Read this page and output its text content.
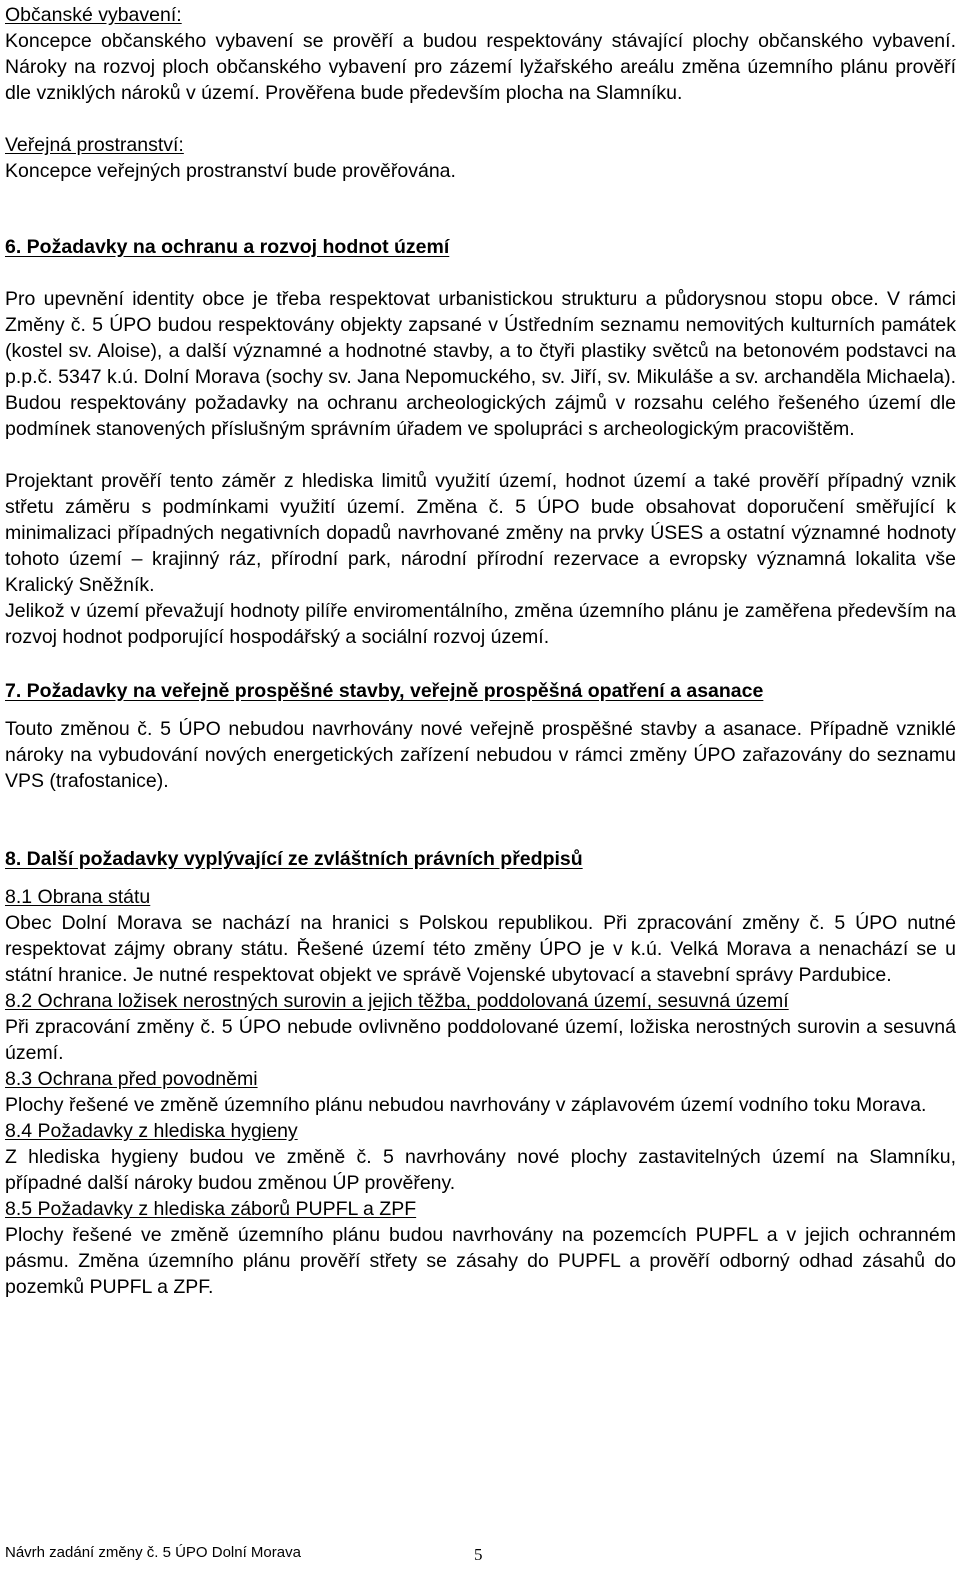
Občanské vybavení:

Koncepce občanského vybavení se prověří a budou respektovány stávající plochy občanského vybavení. Nároky na rozvoj ploch občanského vybavení pro zázemí lyžařského areálu změna územního plánu prověří dle vzniklých nároků v území. Prověřena bude především plocha na Slamníku.

Veřejná prostranství:

Koncepce veřejných prostranství bude prověřována.

6. Požadavky na ochranu a rozvoj hodnot území

Pro upevnění identity obce je třeba respektovat urbanistickou strukturu a půdorysnou stopu obce. V rámci Změny č. 5 ÚPO budou respektovány objekty zapsané v Ústředním seznamu nemovitých kulturních památek (kostel sv. Aloise), a další významné a hodnotné stavby, a to čtyři plastiky světců na betonovém podstavci na p.p.č. 5347 k.ú. Dolní Morava (sochy sv. Jana Nepomuckého, sv. Jiří, sv. Mikuláše a sv. archanděla Michaela). Budou respektovány požadavky na ochranu archeologických zájmů v rozsahu celého řešeného území dle podmínek stanovených příslušným správním úřadem ve spolupráci s archeologickým pracovištěm.

Projektant prověří tento záměr z hlediska limitů využití území, hodnot území a také prověří případný vznik střetu záměru s podmínkami využití území. Změna č. 5 ÚPO bude obsahovat doporučení směřující k minimalizaci případných negativních dopadů navrhované změny na prvky ÚSES a ostatní významné hodnoty tohoto území – krajinný ráz, přírodní park, národní přírodní rezervace a evropsky významná lokalita vše Kralický Sněžník.

Jelikož v území převažují hodnoty pilíře enviromentálního, změna územního plánu je zaměřena především na rozvoj hodnot podporující hospodářský a sociální rozvoj území.

7. Požadavky na veřejně prospěšné stavby, veřejně prospěšná opatření a asanace

Touto změnou č. 5 ÚPO nebudou navrhovány nové veřejně prospěšné stavby a asanace. Případně vzniklé nároky na vybudování nových energetických zařízení nebudou v rámci změny ÚPO zařazovány do seznamu VPS (trafostanice).

8. Další požadavky vyplývající ze zvláštních právních předpisů

8.1 Obrana státu

Obec Dolní Morava se nachází na hranici s Polskou republikou. Při zpracování změny č. 5 ÚPO nutné respektovat zájmy obrany státu. Řešené území této změny ÚPO je v k.ú. Velká Morava a nenachází se u státní hranice. Je nutné respektovat objekt ve správě Vojenské ubytovací a stavební správy Pardubice.

8.2 Ochrana ložisek nerostných surovin a jejich těžba, poddolovaná území, sesuvná území

Při zpracování změny č. 5 ÚPO nebude ovlivněno poddolované území, ložiska nerostných surovin a sesuvná území.

8.3 Ochrana před povodněmi

Plochy řešené ve změně územního plánu nebudou navrhovány v záplavovém území vodního toku Morava.

8.4 Požadavky z hlediska hygieny

Z hlediska hygieny budou ve změně č. 5 navrhovány nové plochy zastavitelných území na Slamníku, případné další nároky budou změnou ÚP prověřeny.

8.5 Požadavky z hlediska záborů PUPFL a ZPF

Plochy řešené ve změně územního plánu budou navrhovány na pozemcích PUPFL a v jejich ochranném pásmu. Změna územního plánu prověří střety se zásahy do PUPFL a prověří odborný odhad zásahů do pozemků PUPFL a ZPF.

Návrh zadání změny č. 5 ÚPO Dolní Morava	5
